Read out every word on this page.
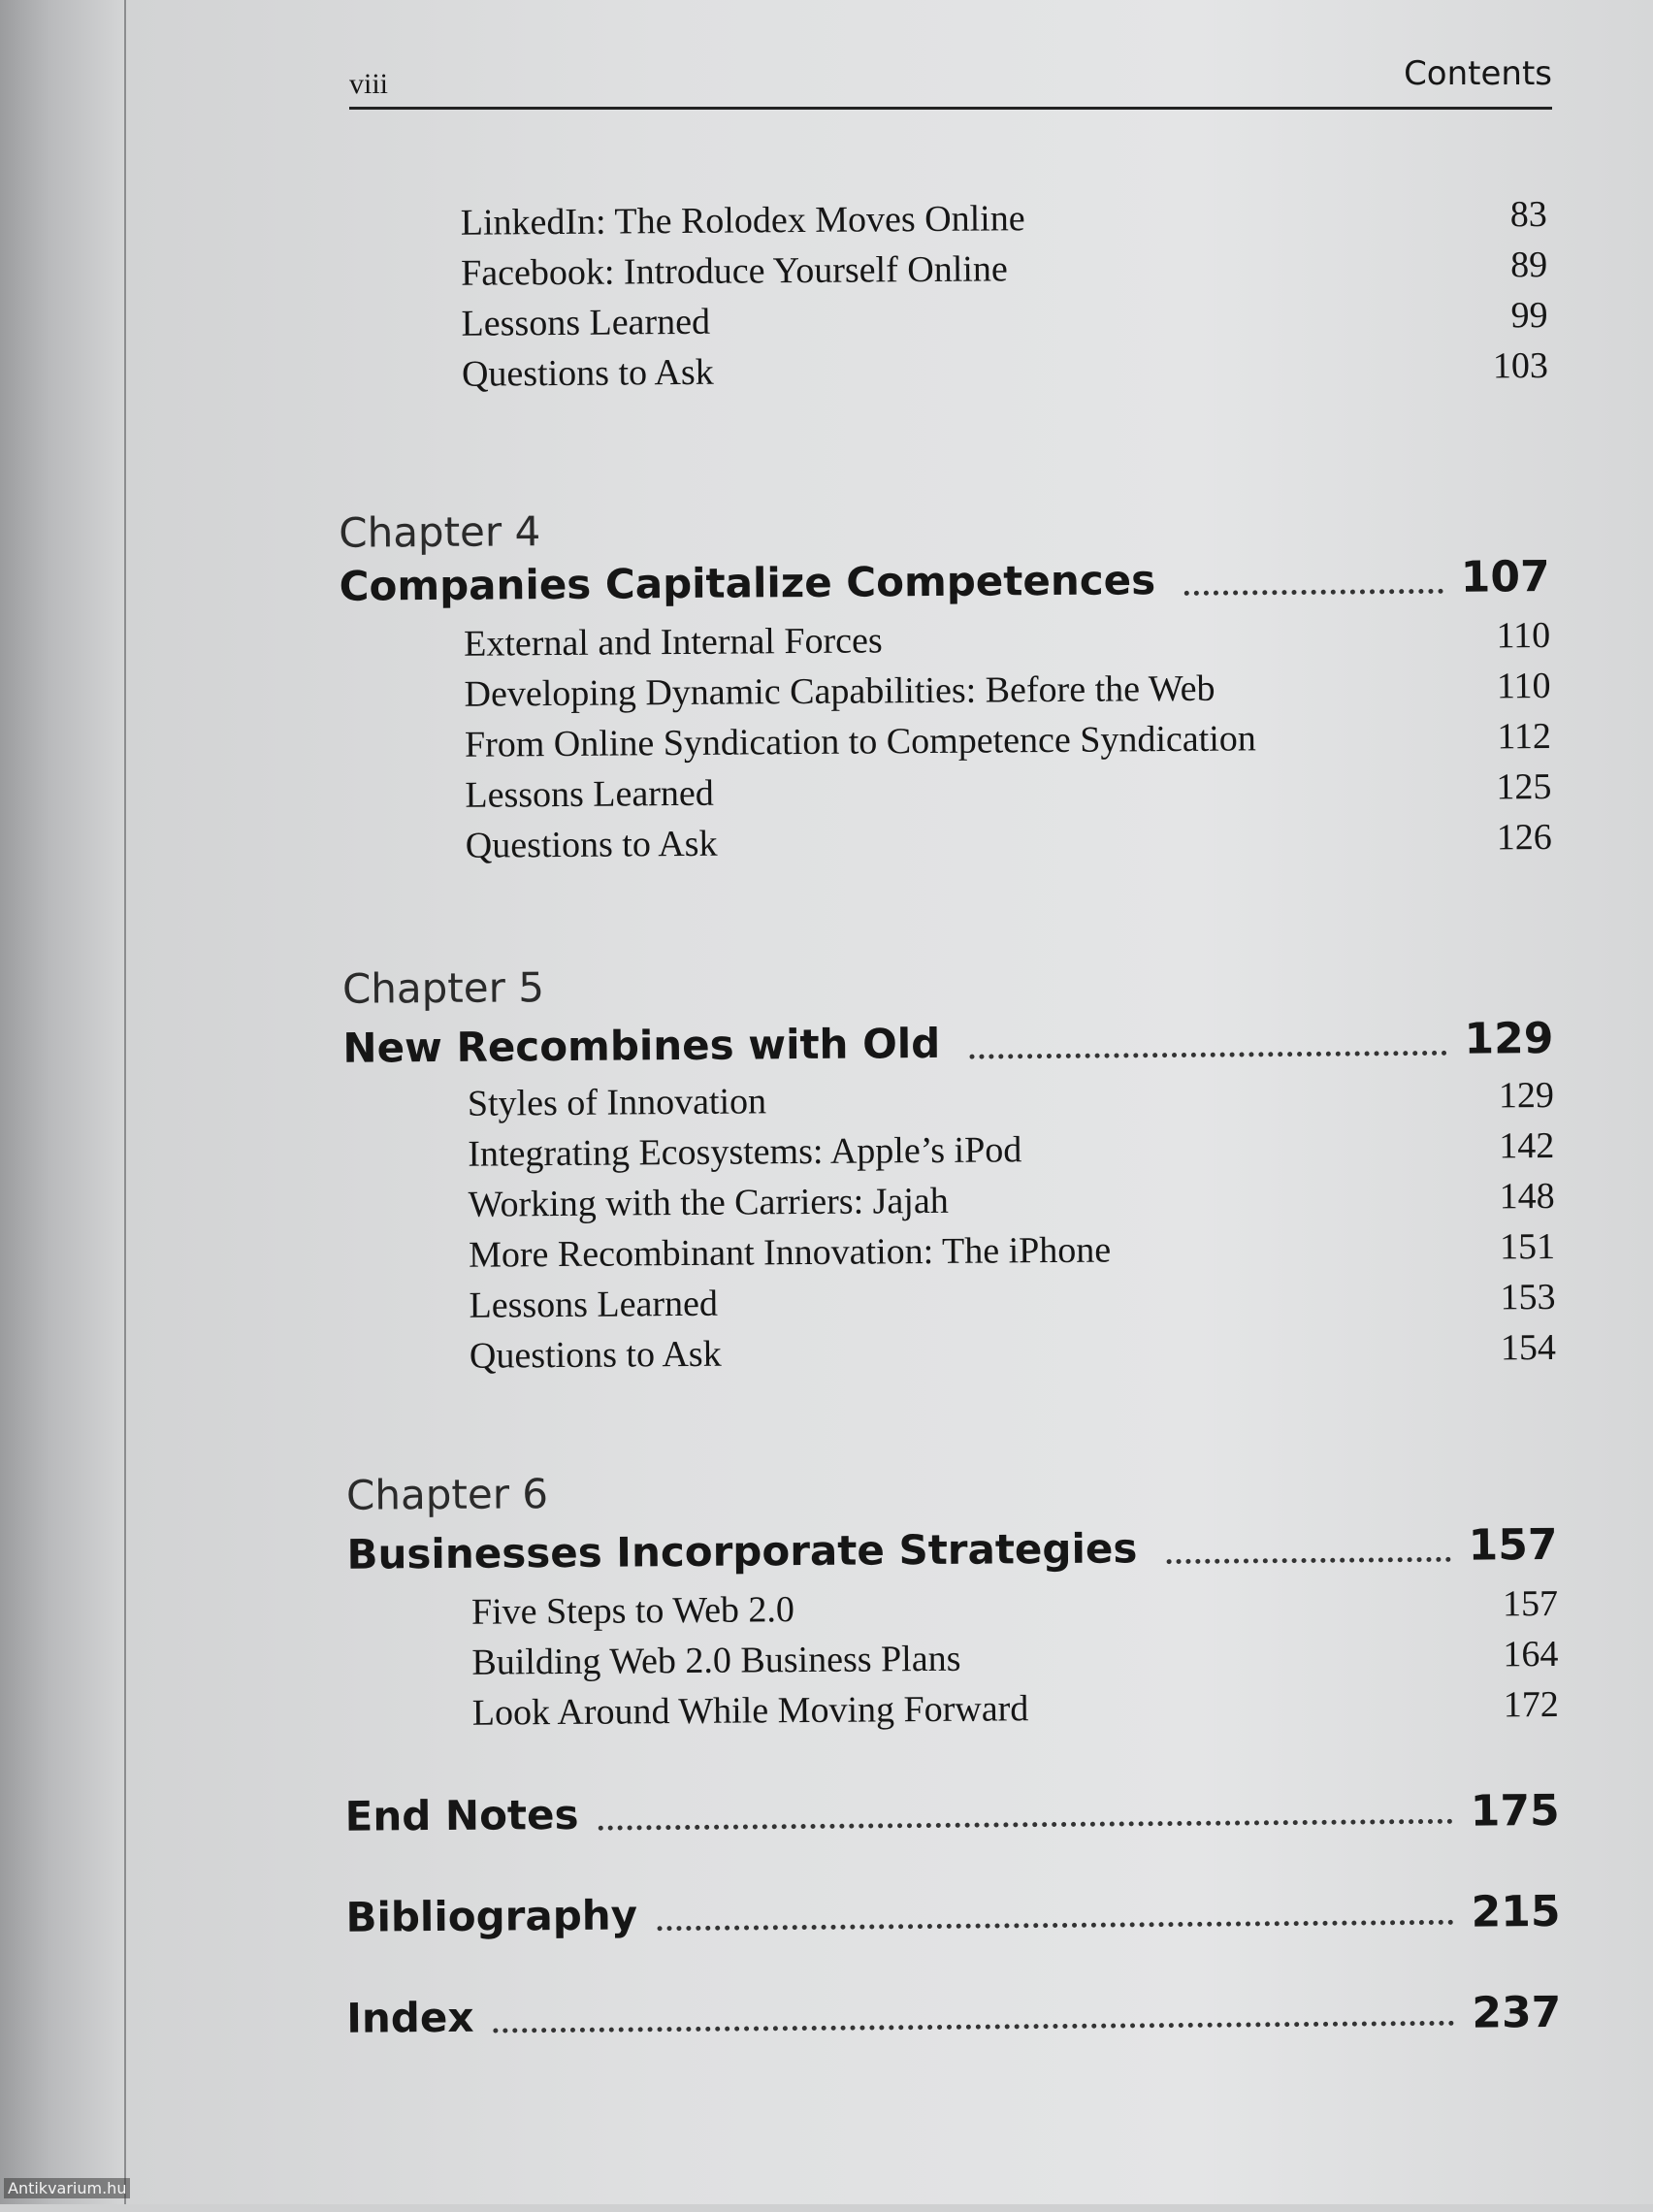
viii	Contents
LinkedIn: The Rolodex Moves Online	83
Facebook: Introduce Yourself Online	89
Lessons Learned	99
Questions to Ask	103
Chapter 4
Companies Capitalize Competences	107
External and Internal Forces	110
Developing Dynamic Capabilities: Before the Web	110
From Online Syndication to Competence Syndication	112
Lessons Learned	125
Questions to Ask	126
Chapter 5
New Recombines with Old	129
Styles of Innovation	129
Integrating Ecosystems: Apple’s iPod	142
Working with the Carriers: Jajah	148
More Recombinant Innovation: The iPhone	151
Lessons Learned	153
Questions to Ask	154
Chapter 6
Businesses Incorporate Strategies	157
Five Steps to Web 2.0	157
Building Web 2.0 Business Plans	164
Look Around While Moving Forward	172
End Notes	175
Bibliography	215
Index	237
Antikvarium.hu
